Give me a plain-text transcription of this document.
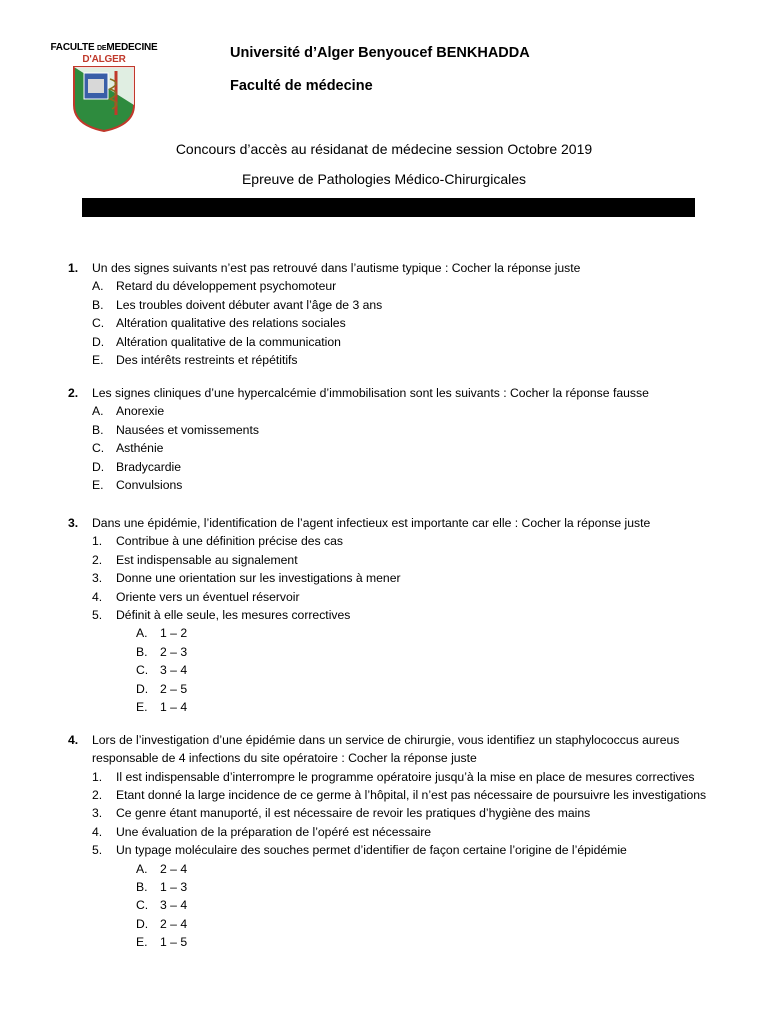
FACULTE DEMEDECINE
D'ALGER	Université d’Alger Benyoucef BENKHADDA
Faculté de médecine
Concours d’accès au résidanat de médecine session Octobre 2019
Epreuve de Pathologies Médico-Chirurgicales
1.	Un des signes suivants n’est pas retrouvé dans l’autisme typique : Cocher la réponse juste
A.	Retard du développement psychomoteur
B.	Les troubles doivent débuter avant l’âge de 3 ans
C. Altération qualitative des relations sociales
D. Altération qualitative de la communication
E.	Des intérêts restreints et répétitifs
2.	Les signes cliniques d’une hypercalcémie d’immobilisation sont les suivants : Cocher la réponse fausse
A.	Anorexie
B.	Nausées et vomissements
C. Asthénie
D. Bradycardie
E.	Convulsions
3.	Dans une épidémie, l’identification de l’agent infectieux est importante car elle : Cocher la réponse juste
1.	Contribue à une définition précise des cas
2.	Est indispensable au signalement
3.	Donne une orientation sur les investigations à mener
4.	Oriente vers un éventuel réservoir
5.	Définit à elle seule, les mesures correctives
A.	1 – 2
B.	2 – 3
C. 3 – 4
D. 2 – 5
E.	1 – 4
4.	Lors de l’investigation d’une épidémie dans un service de chirurgie, vous identifiez un staphylococcus aureus
responsable de 4 infections du site opératoire : Cocher la réponse juste
1.	Il est indispensable d’interrompre le programme opératoire jusqu’à la mise en place de mesures correctives
2.	Etant donné la large incidence de ce germe à l’hôpital, il n’est pas nécessaire de poursuivre les investigations
3.	Ce genre étant manuporté, il est nécessaire de revoir les pratiques d’hygiène des mains
4.	Une évaluation de la préparation de l’opéré est nécessaire
5.	Un typage moléculaire des souches permet d’identifier de façon certaine l’origine de l’épidémie
A.	2 – 4
B.	1 – 3
C. 3 – 4
D. 2 – 4
E.	1 – 5
